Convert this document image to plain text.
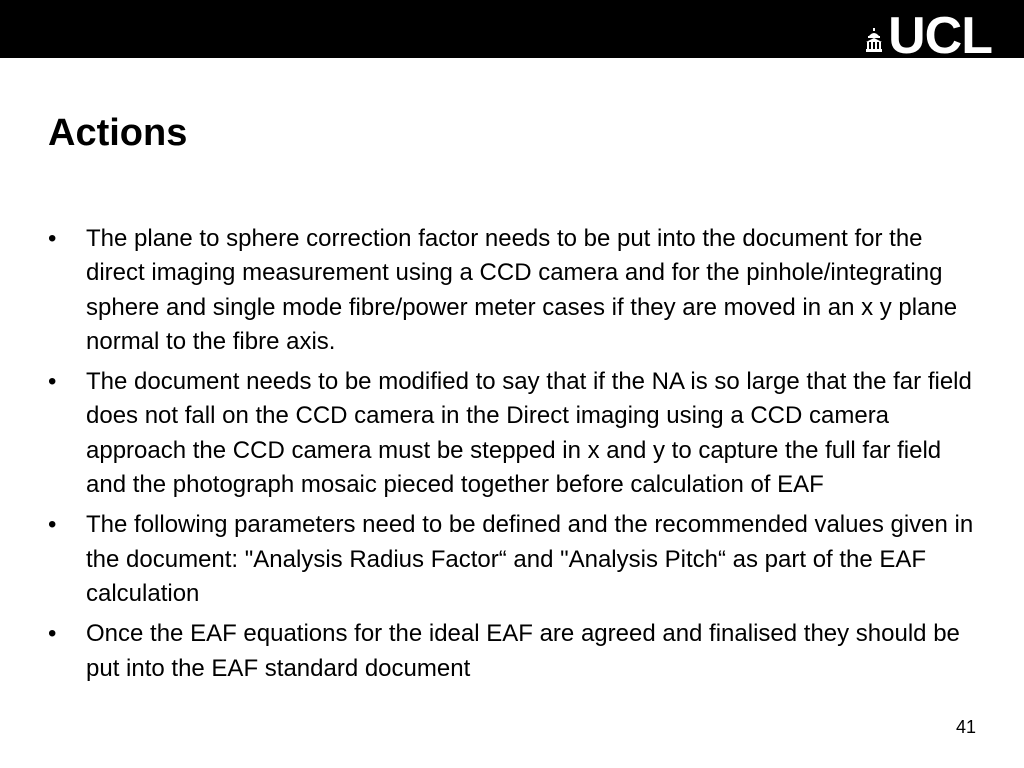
UCL
Actions
• The plane to sphere correction factor needs to be put into the document for the direct imaging measurement using a CCD camera and for the pinhole/integrating sphere and single mode fibre/power meter cases if they are moved in an x y plane normal to the fibre axis.
• The document needs to be modified to say that if the NA is so large that the far field does not fall on the CCD camera in the Direct imaging using a CCD camera approach the CCD camera must be stepped in x and y to capture the full far field and the photograph mosaic pieced together before calculation of EAF
• The following parameters need to be defined and the recommended values given in the document: "Analysis Radius Factor“ and "Analysis Pitch“ as part of the EAF calculation
• Once the EAF equations for the ideal EAF are agreed and finalised they should be put into the EAF standard document
41
